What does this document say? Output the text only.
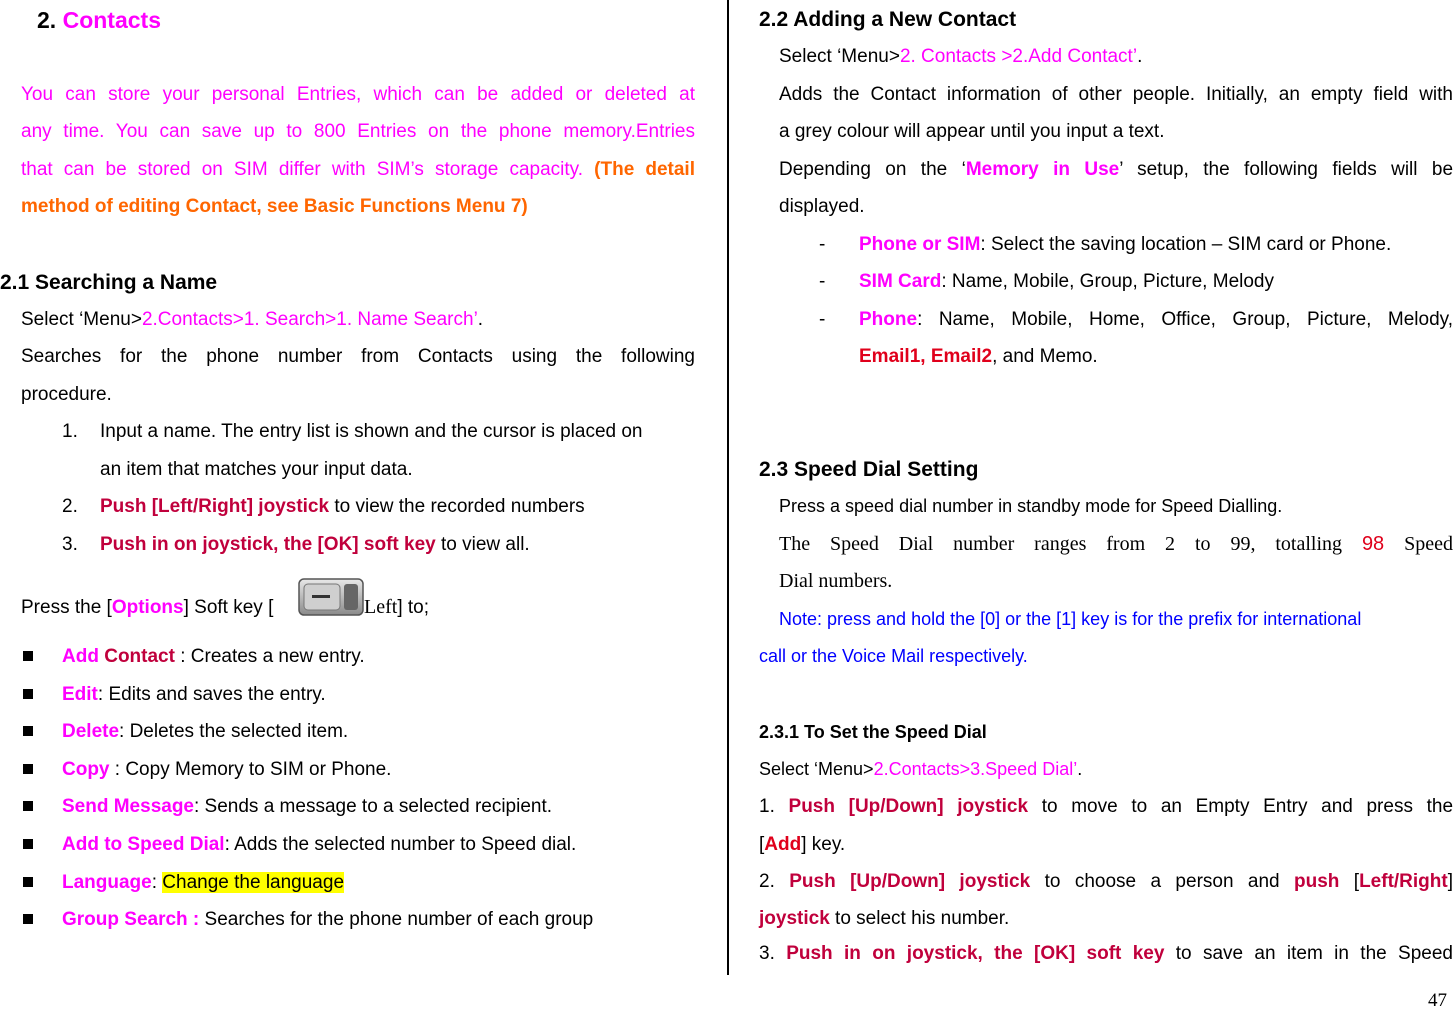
2. Contacts
You can store your personal Entries, which can be added or deleted at
any time. You can save up to 800 Entries on the phone memory.Entries
that can be stored on SIM differ with SIM’s storage capacity. (The detail
method of editing Contact, see Basic Functions Menu 7)
2.1 Searching a Name
Select ‘Menu>2.Contacts>1. Search>1. Name Search’.
Searches for the phone number from Contacts using the following
procedure.
1. Input a name. The entry list is shown and the cursor is placed on
an item that matches your input data.
2. Push [Left/Right] joystick to view the recorded numbers
3. Push in on joystick, the [OK] soft key to view all.
Press the [Options] Soft key [	Left] to;
Add Contact : Creates a new entry.
Edit: Edits and saves the entry.
Delete: Deletes the selected item.
Copy : Copy Memory to SIM or Phone.
Send Message: Sends a message to a selected recipient.
Add to Speed Dial: Adds the selected number to Speed dial.
Language: Change the language
Group Search : Searches for the phone number of each group
2.2 Adding a New Contact
Select ‘Menu>2. Contacts >2.Add Contact’.
Adds the Contact information of other people. Initially, an empty field with
a grey colour will appear until you input a text.
Depending on the ‘Memory in Use’ setup, the following fields will be
displayed.
- Phone or SIM: Select the saving location – SIM card or Phone.
- SIM Card: Name, Mobile, Group, Picture, Melody
- Phone: Name, Mobile, Home, Office, Group, Picture, Melody,
Email1, Email2, and Memo.
2.3 Speed Dial Setting
Press a speed dial number in standby mode for Speed Dialling.
The Speed Dial number ranges from 2 to 99, totalling 98 Speed
Dial numbers.
Note: press and hold the [0] or the [1] key is for the prefix for international
call or the Voice Mail respectively.
2.3.1 To Set the Speed Dial
Select ‘Menu>2.Contacts>3.Speed Dial’.
1. Push [Up/Down] joystick to move to an Empty Entry and press the
[Add] key.
2. Push [Up/Down] joystick to choose a person and push [Left/Right]
joystick to select his number.
3. Push in on joystick, the [OK] soft key to save an item in the Speed
47
